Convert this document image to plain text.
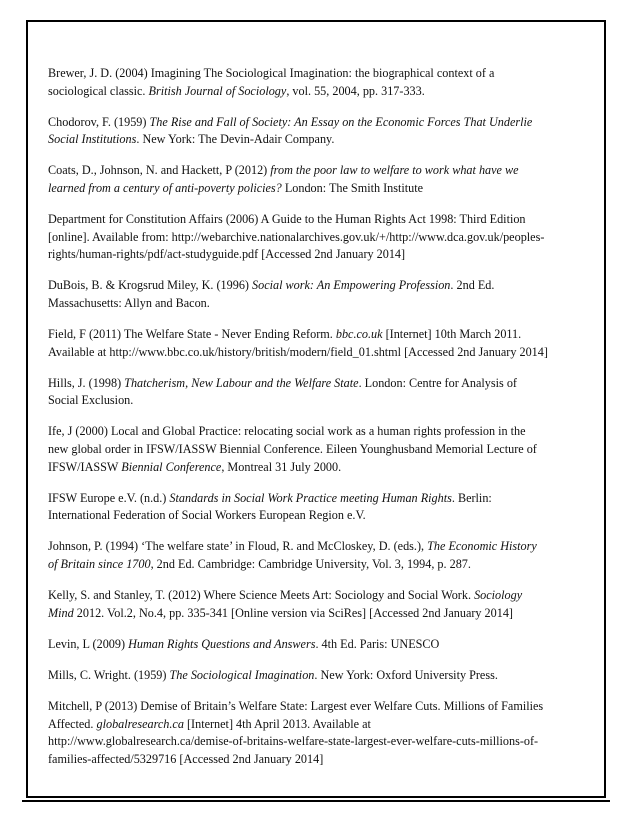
Brewer, J. D. (2004) Imagining The Sociological Imagination: the biographical context of a sociological classic. British Journal of Sociology, vol. 55, 2004, pp. 317-333.

Chodorov, F. (1959) The Rise and Fall of Society: An Essay on the Economic Forces That Underlie Social Institutions. New York: The Devin-Adair Company.

Coats, D., Johnson, N. and Hackett, P (2012) from the poor law to welfare to work what have we learned from a century of anti-poverty policies? London: The Smith Institute

Department for Constitution Affairs (2006) A Guide to the Human Rights Act 1998: Third Edition [online]. Available from: http://webarchive.nationalarchives.gov.uk/+/http://www.dca.gov.uk/peoples-rights/human-rights/pdf/act-studyguide.pdf [Accessed 2nd January 2014]

DuBois, B. & Krogsrud Miley, K. (1996) Social work: An Empowering Profession. 2nd Ed. Massachusetts: Allyn and Bacon.

Field, F (2011) The Welfare State - Never Ending Reform. bbc.co.uk [Internet] 10th March 2011. Available at http://www.bbc.co.uk/history/british/modern/field_01.shtml [Accessed 2nd January 2014]

Hills, J. (1998) Thatcherism, New Labour and the Welfare State. London: Centre for Analysis of Social Exclusion.

Ife, J (2000) Local and Global Practice: relocating social work as a human rights profession in the new global order in IFSW/IASSW Biennial Conference. Eileen Younghusband Memorial Lecture of IFSW/IASSW Biennial Conference, Montreal 31 July 2000.

IFSW Europe e.V. (n.d.) Standards in Social Work Practice meeting Human Rights. Berlin: International Federation of Social Workers European Region e.V.

Johnson, P. (1994) ‘The welfare state’ in Floud, R. and McCloskey, D. (eds.), The Economic History of Britain since 1700, 2nd Ed. Cambridge: Cambridge University, Vol. 3, 1994, p. 287.

Kelly, S. and Stanley, T. (2012) Where Science Meets Art: Sociology and Social Work. Sociology Mind 2012. Vol.2, No.4, pp. 335-341 [Online version via SciRes] [Accessed 2nd January 2014]

Levin, L (2009) Human Rights Questions and Answers. 4th Ed. Paris: UNESCO

Mills, C. Wright. (1959) The Sociological Imagination. New York: Oxford University Press.

Mitchell, P (2013) Demise of Britain’s Welfare State: Largest ever Welfare Cuts. Millions of Families Affected. globalresearch.ca [Internet] 4th April 2013. Available at http://www.globalresearch.ca/demise-of-britains-welfare-state-largest-ever-welfare-cuts-millions-of-families-affected/5329716 [Accessed 2nd January 2014]
